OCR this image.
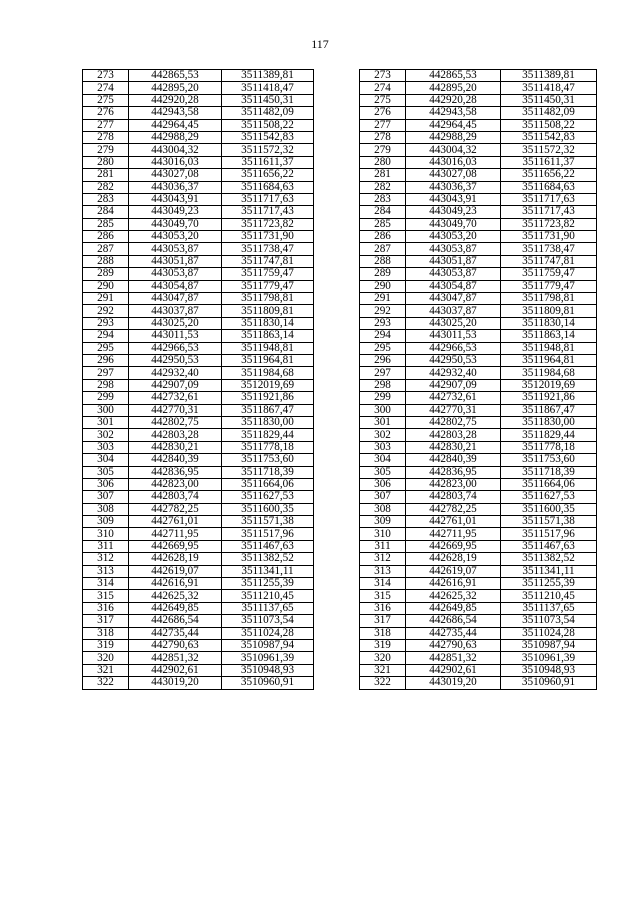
117
273	442865,53	3511389,81
274	442895,20	3511418,47
275	442920,28	3511450,31
276	442943,58	3511482,09
277	442964,45	3511508,22
278	442988,29	3511542,83
279	443004,32	3511572,32
280	443016,03	3511611,37
281	443027,08	3511656,22
282	443036,37	3511684,63
283	443043,91	3511717,63
284	443049,23	3511717,43
285	443049,70	3511723,82
286	443053,20	3511731,90
287	443053,87	3511738,47
288	443051,87	3511747,81
289	443053,87	3511759,47
290	443054,87	3511779,47
291	443047,87	3511798,81
292	443037,87	3511809,81
293	443025,20	3511830,14
294	443011,53	3511863,14
295	442966,53	3511948,81
296	442950,53	3511964,81
297	442932,40	3511984,68
298	442907,09	3512019,69
299	442732,61	3511921,86
300	442770,31	3511867,47
301	442802,75	3511830,00
302	442803,28	3511829,44
303	442830,21	3511778,18
304	442840,39	3511753,60
305	442836,95	3511718,39
306	442823,00	3511664,06
307	442803,74	3511627,53
308	442782,25	3511600,35
309	442761,01	3511571,38
310	442711,95	3511517,96
311	442669,95	3511467,63
312	442628,19	3511382,52
313	442619,07	3511341,11
314	442616,91	3511255,39
315	442625,32	3511210,45
316	442649,85	3511137,65
317	442686,54	3511073,54
318	442735,44	3511024,28
319	442790,63	3510987,94
320	442851,32	3510961,39
321	442902,61	3510948,93
322	443019,20	3510960,91
273	442865,53	3511389,81
274	442895,20	3511418,47
275	442920,28	3511450,31
276	442943,58	3511482,09
277	442964,45	3511508,22
278	442988,29	3511542,83
279	443004,32	3511572,32
280	443016,03	3511611,37
281	443027,08	3511656,22
282	443036,37	3511684,63
283	443043,91	3511717,63
284	443049,23	3511717,43
285	443049,70	3511723,82
286	443053,20	3511731,90
287	443053,87	3511738,47
288	443051,87	3511747,81
289	443053,87	3511759,47
290	443054,87	3511779,47
291	443047,87	3511798,81
292	443037,87	3511809,81
293	443025,20	3511830,14
294	443011,53	3511863,14
295	442966,53	3511948,81
296	442950,53	3511964,81
297	442932,40	3511984,68
298	442907,09	3512019,69
299	442732,61	3511921,86
300	442770,31	3511867,47
301	442802,75	3511830,00
302	442803,28	3511829,44
303	442830,21	3511778,18
304	442840,39	3511753,60
305	442836,95	3511718,39
306	442823,00	3511664,06
307	442803,74	3511627,53
308	442782,25	3511600,35
309	442761,01	3511571,38
310	442711,95	3511517,96
311	442669,95	3511467,63
312	442628,19	3511382,52
313	442619,07	3511341,11
314	442616,91	3511255,39
315	442625,32	3511210,45
316	442649,85	3511137,65
317	442686,54	3511073,54
318	442735,44	3511024,28
319	442790,63	3510987,94
320	442851,32	3510961,39
321	442902,61	3510948,93
322	443019,20	3510960,91
